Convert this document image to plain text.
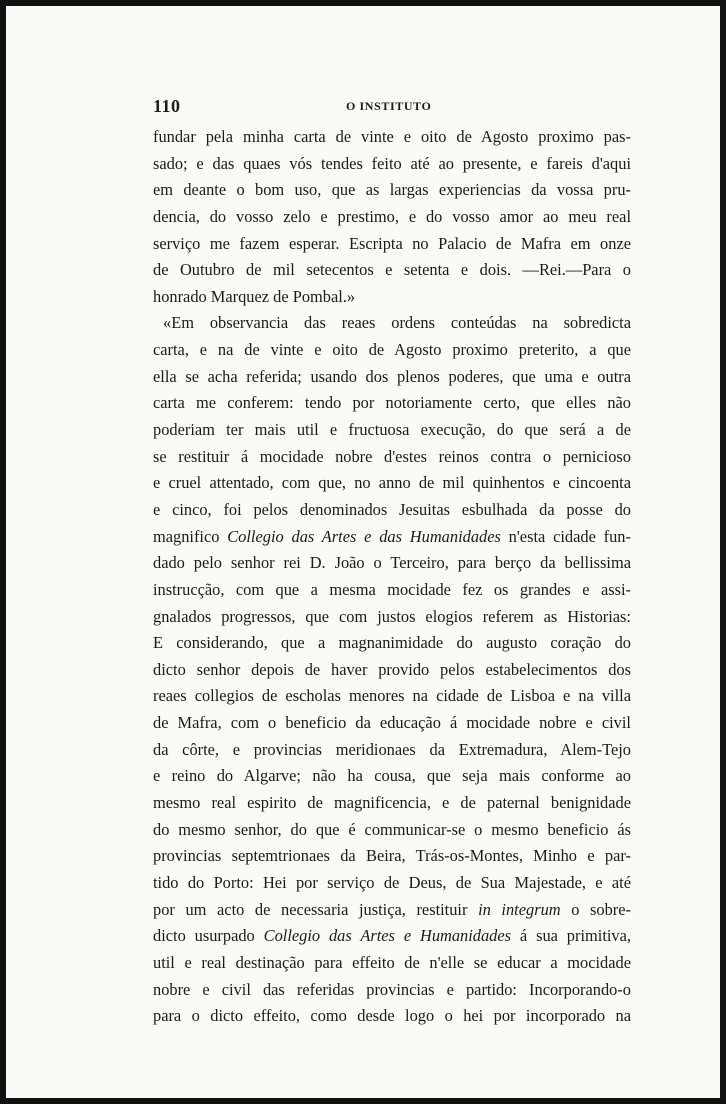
110	O INSTITUTO
fundar pela minha carta de vinte e oito de Agosto proximo pas-
sado; e das quaes vós tendes feito até ao presente, e fareis d'aqui
em deante o bom uso, que as largas experiencias da vossa pru-
dencia, do vosso zelo e prestimo, e do vosso amor ao meu real
serviço me fazem esperar. Escripta no Palacio de Mafra em onze
de Outubro de mil setecentos e setenta e dois. —Rei.—Para o
honrado Marquez de Pombal.»
«Em observancia das reaes ordens conteúdas na sobredicta
carta, e na de vinte e oito de Agosto proximo preterito, a que
ella se acha referida; usando dos plenos poderes, que uma e outra
carta me conferem: tendo por notoriamente certo, que elles não
poderiam ter mais util e fructuosa execução, do que será a de
se restituir á mocidade nobre d'estes reinos contra o pernicioso
e cruel attentado, com que, no anno de mil quinhentos e cincoenta
e cinco, foi pelos denominados Jesuitas esbulhada da posse do
magnifico Collegio das Artes e das Humanidades n'esta cidade fun-
dado pelo senhor rei D. João o Terceiro, para berço da bellissima
instrucção, com que a mesma mocidade fez os grandes e assi-
gnalados progressos, que com justos elogios referem as Historias:
E considerando, que a magnanimidade do augusto coração do
dicto senhor depois de haver provido pelos estabelecimentos dos
reaes collegios de escholas menores na cidade de Lisboa e na villa
de Mafra, com o beneficio da educação á mocidade nobre e civil
da côrte, e provincias meridionaes da Extremadura, Alem-Tejo
e reino do Algarve; não ha cousa, que seja mais conforme ao
mesmo real espirito de magnificencia, e de paternal benignidade
do mesmo senhor, do que é communicar-se o mesmo beneficio ás
provincias septemtrionaes da Beira, Trás-os-Montes, Minho e par-
tido do Porto: Hei por serviço de Deus, de Sua Majestade, e até
por um acto de necessaria justiça, restituir in integrum o sobre-
dicto usurpado Collegio das Artes e Humanidades á sua primitiva,
util e real destinação para effeito de n'elle se educar a mocidade
nobre e civil das referidas provincias e partido: Incorporando-o
para o dicto effeito, como desde logo o hei por incorporado na
